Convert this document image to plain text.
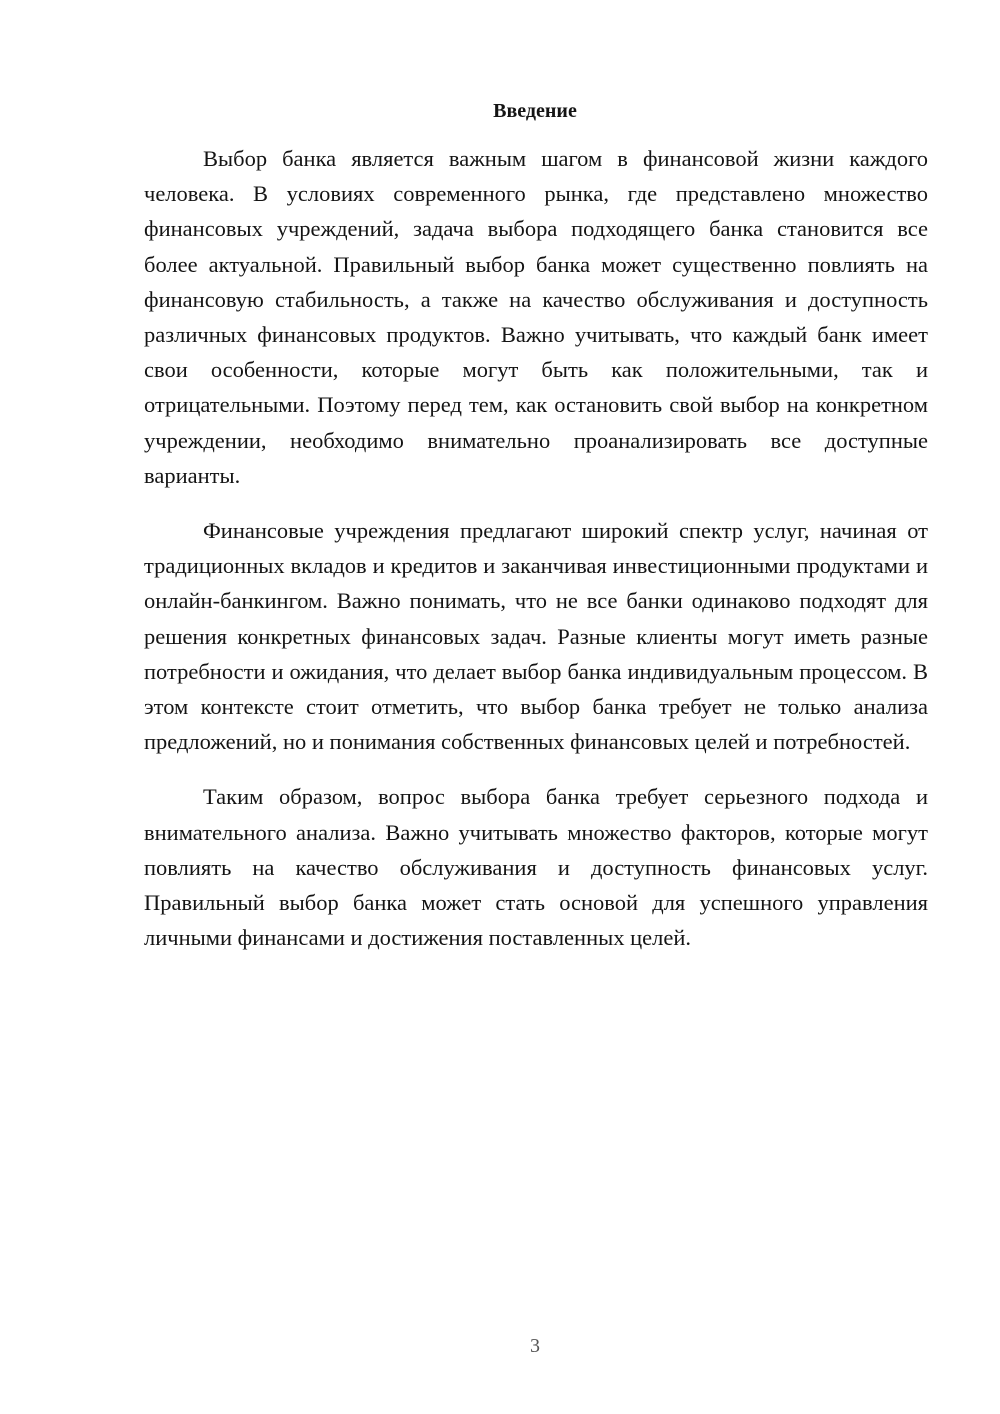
Введение

Выбор банка является важным шагом в финансовой жизни каждого человека. В условиях современного рынка, где представлено множество финансовых учреждений, задача выбора подходящего банка становится все более актуальной. Правильный выбор банка может существенно повлиять на финансовую стабильность, а также на качество обслуживания и доступность различных финансовых продуктов. Важно учитывать, что каждый банк имеет свои особенности, которые могут быть как положительными, так и отрицательными. Поэтому перед тем, как остановить свой выбор на конкретном учреждении, необходимо внимательно проанализировать все доступные варианты.

Финансовые учреждения предлагают широкий спектр услуг, начиная от традиционных вкладов и кредитов и заканчивая инвестиционными продуктами и онлайн-банкингом. Важно понимать, что не все банки одинаково подходят для решения конкретных финансовых задач. Разные клиенты могут иметь разные потребности и ожидания, что делает выбор банка индивидуальным процессом. В этом контексте стоит отметить, что выбор банка требует не только анализа предложений, но и понимания собственных финансовых целей и потребностей.

Таким образом, вопрос выбора банка требует серьезного подхода и внимательного анализа. Важно учитывать множество факторов, которые могут повлиять на качество обслуживания и доступность финансовых услуг. Правильный выбор банка может стать основой для успешного управления личными финансами и достижения поставленных целей.

3
